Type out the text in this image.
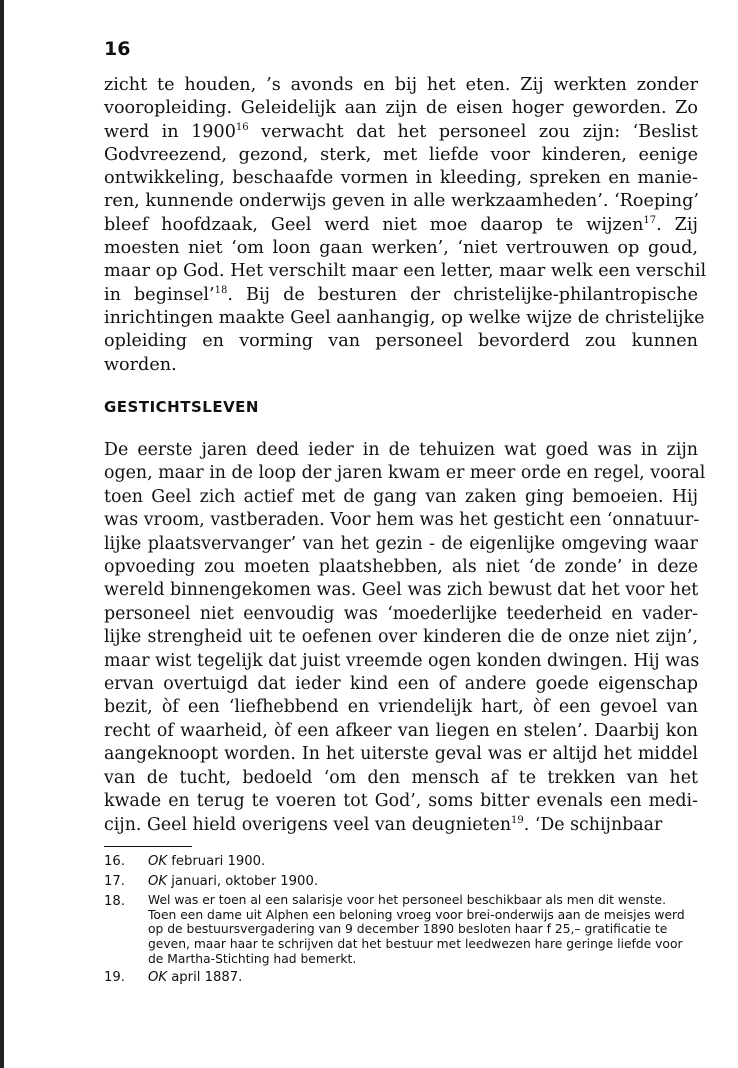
16

zicht te houden, ’s avonds en bij het eten. Zij werkten zonder
vooropleiding. Geleidelijk aan zijn de eisen hoger geworden. Zo
werd in 1900$^{16}$ verwacht dat het personeel zou zijn: ‘Beslist
Godvreezend, gezond, sterk, met liefde voor kinderen, eenige
ontwikkeling, beschaafde vormen in kleeding, spreken en manie-
ren, kunnende onderwijs geven in alle werkzaamheden’. ‘Roeping’
bleef hoofdzaak, Geel werd niet moe daarop te wijzen$^{17}$. Zij
moesten niet ‘om loon gaan werken’, ‘niet vertrouwen op goud,
maar op God. Het verschilt maar een letter, maar welk een verschil
in beginsel’$^{18}$. Bij de besturen der christelijke-philantropische
inrichtingen maakte Geel aanhangig, op welke wijze de christelijke
opleiding en vorming van personeel bevorderd zou kunnen
worden.

GESTICHTSLEVEN

De eerste jaren deed ieder in de tehuizen wat goed was in zijn
ogen, maar in de loop der jaren kwam er meer orde en regel, vooral
toen Geel zich actief met de gang van zaken ging bemoeien. Hij
was vroom, vastberaden. Voor hem was het gesticht een ‘onnatuur-
lijke plaatsvervanger’ van het gezin - de eigenlijke omgeving waar
opvoeding zou moeten plaatshebben, als niet ‘de zonde’ in deze
wereld binnengekomen was. Geel was zich bewust dat het voor het
personeel niet eenvoudig was ‘moederlijke teederheid en vader-
lijke strengheid uit te oefenen over kinderen die de onze niet zijn’,
maar wist tegelijk dat juist vreemde ogen konden dwingen. Hij was
ervan overtuigd dat ieder kind een of andere goede eigenschap
bezit, òf een ‘liefhebbend en vriendelijk hart, òf een gevoel van
recht of waarheid, òf een afkeer van liegen en stelen’. Daarbij kon
aangeknoopt worden. In het uiterste geval was er altijd het middel
van de tucht, bedoeld ‘om den mensch af te trekken van het
kwade en terug te voeren tot God’, soms bitter evenals een medi-
cijn. Geel hield overigens veel van deugnieten$^{19}$. ‘De schijnbaar

16.	OK februari 1900.
17.	OK januari, oktober 1900.
18.	Wel was er toen al een salarisje voor het personeel beschikbaar als men dit wenste. Toen een dame uit Alphen een beloning vroeg voor brei-onderwijs aan de meisjes werd op de bestuursvergadering van 9 december 1890 besloten haar f 25,– gratificatie te geven, maar haar te schrijven dat het bestuur met leedwezen hare geringe liefde voor de Martha-Stichting had bemerkt.
19.	OK april 1887.
